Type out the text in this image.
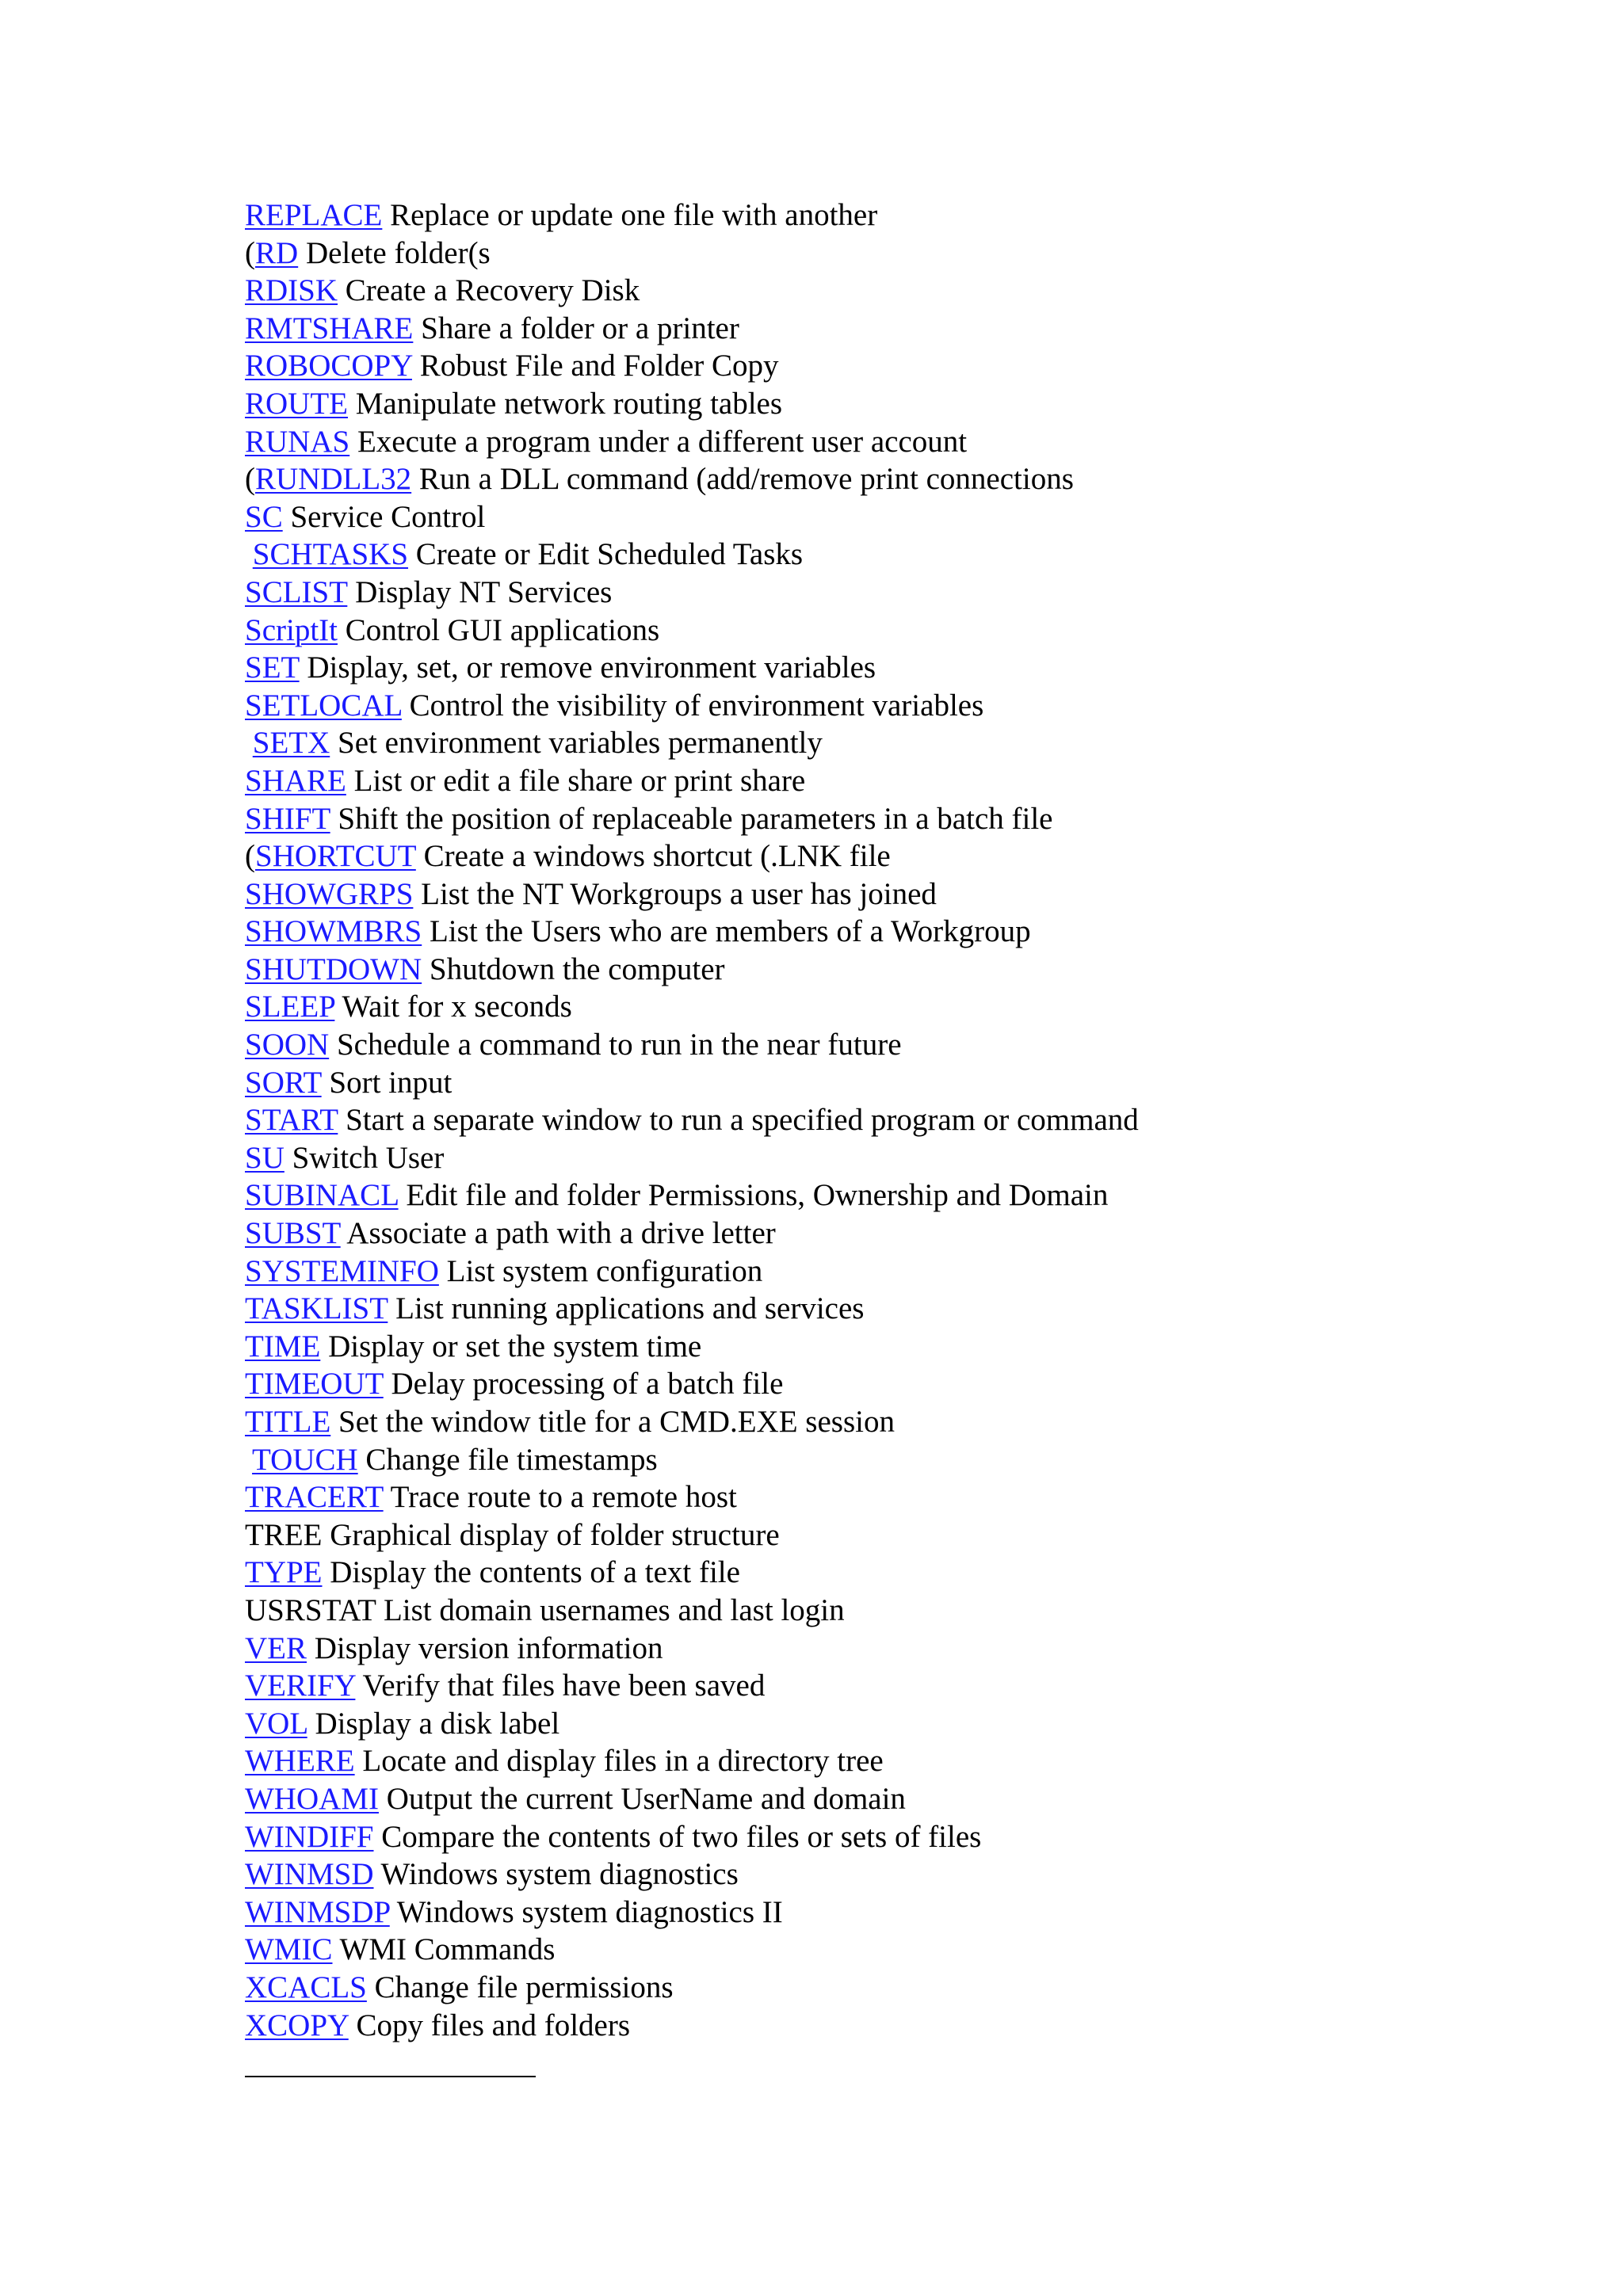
REPLACE Replace or update one file with another
(RD Delete folder(s
RDISK Create a Recovery Disk
RMTSHARE Share a folder or a printer
ROBOCOPY Robust File and Folder Copy
ROUTE Manipulate network routing tables
RUNAS Execute a program under a different user account
(RUNDLL32 Run a DLL command (add/remove print connections
SC Service Control
SCHTASKS Create or Edit Scheduled Tasks
SCLIST Display NT Services
ScriptIt Control GUI applications
SET Display, set, or remove environment variables
SETLOCAL Control the visibility of environment variables
SETX Set environment variables permanently
SHARE List or edit a file share or print share
SHIFT Shift the position of replaceable parameters in a batch file
(SHORTCUT Create a windows shortcut (.LNK file
SHOWGRPS List the NT Workgroups a user has joined
SHOWMBRS List the Users who are members of a Workgroup
SHUTDOWN Shutdown the computer
SLEEP Wait for x seconds
SOON Schedule a command to run in the near future
SORT Sort input
START Start a separate window to run a specified program or command
SU Switch User
SUBINACL Edit file and folder Permissions, Ownership and Domain
SUBST Associate a path with a drive letter
SYSTEMINFO List system configuration
TASKLIST List running applications and services
TIME Display or set the system time
TIMEOUT Delay processing of a batch file
TITLE Set the window title for a CMD.EXE session
TOUCH Change file timestamps
TRACERT Trace route to a remote host
TREE Graphical display of folder structure
TYPE Display the contents of a text file
USRSTAT List domain usernames and last login
VER Display version information
VERIFY Verify that files have been saved
VOL Display a disk label
WHERE Locate and display files in a directory tree
WHOAMI Output the current UserName and domain
WINDIFF Compare the contents of two files or sets of files
WINMSD Windows system diagnostics
WINMSDP Windows system diagnostics II
WMIC WMI Commands
XCACLS Change file permissions
XCOPY Copy files and folders
